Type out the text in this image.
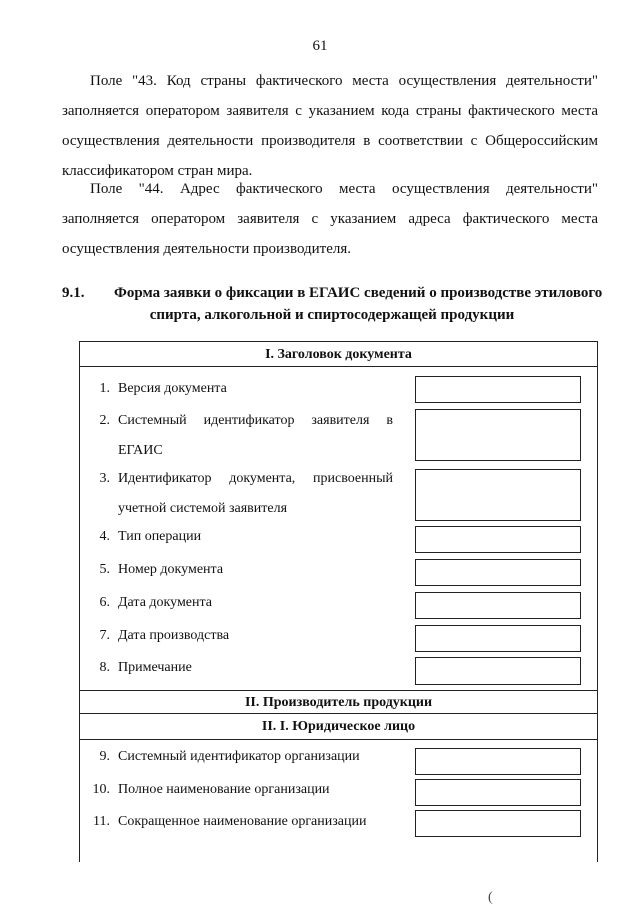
61
Поле "43. Код страны фактического места осуществления деятельности"
заполняется оператором заявителя с указанием кода страны фактического места
осуществления деятельности производителя в соответствии с Общероссийским
классификатором стран мира.
Поле "44. Адрес фактического места осуществления деятельности"
заполняется оператором заявителя с указанием адреса фактического места
осуществления деятельности производителя.
9.1. Форма заявки о фиксации в ЕГАИС сведений о производстве этилового
спирта, алкогольной и спиртосодержащей продукции
I. Заголовок документа
1. Версия документа
2. Системный идентификатор заявителя в
ЕГАИС
3. Идентификатор документа, присвоенный
учетной системой заявителя
4. Тип операции
5. Номер документа
6. Дата документа
7. Дата производства
8. Примечание
II. Производитель продукции
II. I. Юридическое лицо
9. Системный идентификатор организации
10. Полное наименование организации
11. Сокращенное наименование организации
(
